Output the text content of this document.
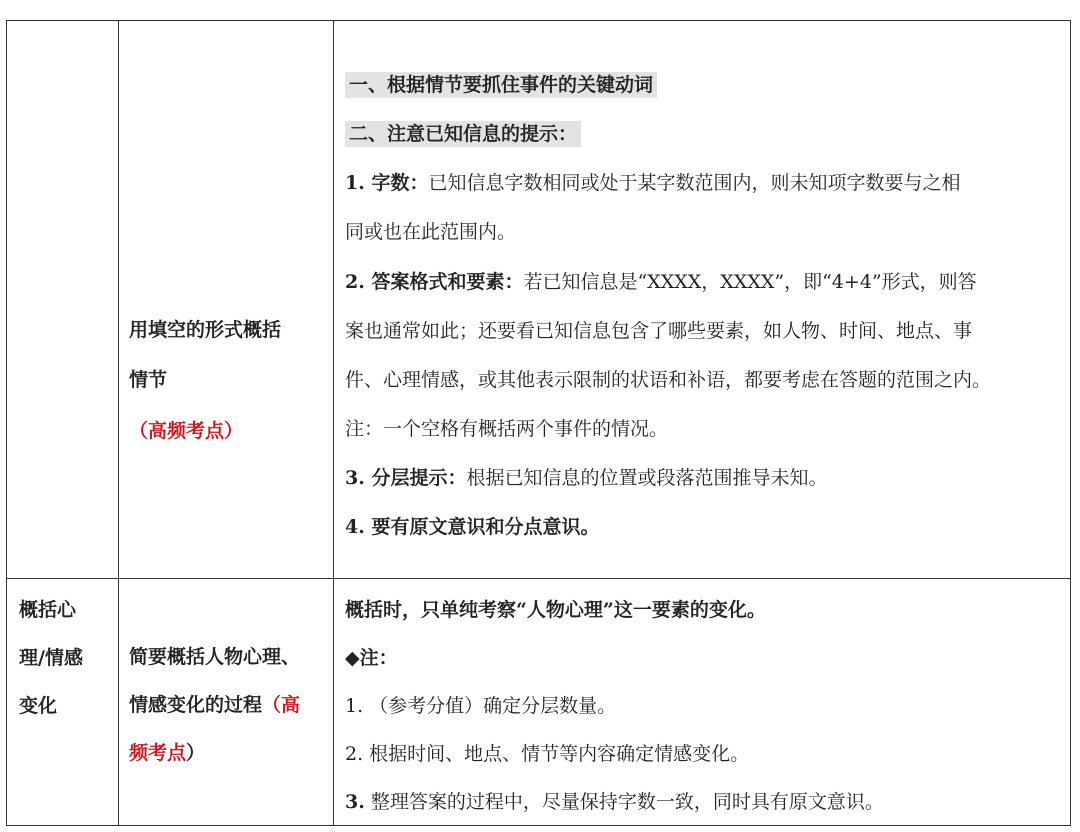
用填空的形式概括
情节
（高频考点）
一、根据情节要抓住事件的关键动词
二、注意已知信息的提示：
1. 字数：已知信息字数相同或处于某字数范围内，则未知项字数要与之相
同或也在此范围内。
2. 答案格式和要素：若已知信息是“XXXX，XXXX”，即“4+4”形式，则答
案也通常如此；还要看已知信息包含了哪些要素，如人物、时间、地点、事
件、心理情感，或其他表示限制的状语和补语，都要考虑在答题的范围之内。
注：一个空格有概括两个事件的情况。
3. 分层提示：根据已知信息的位置或段落范围推导未知。
4. 要有原文意识和分点意识。
概括心
理/情感
变化
简要概括人物心理、
情感变化的过程（高
频考点）
概括时，只单纯考察“人物心理”这一要素的变化。
◆注：
1. （参考分值）确定分层数量。
2. 根据时间、地点、情节等内容确定情感变化。
3. 整理答案的过程中，尽量保持字数一致，同时具有原文意识。
